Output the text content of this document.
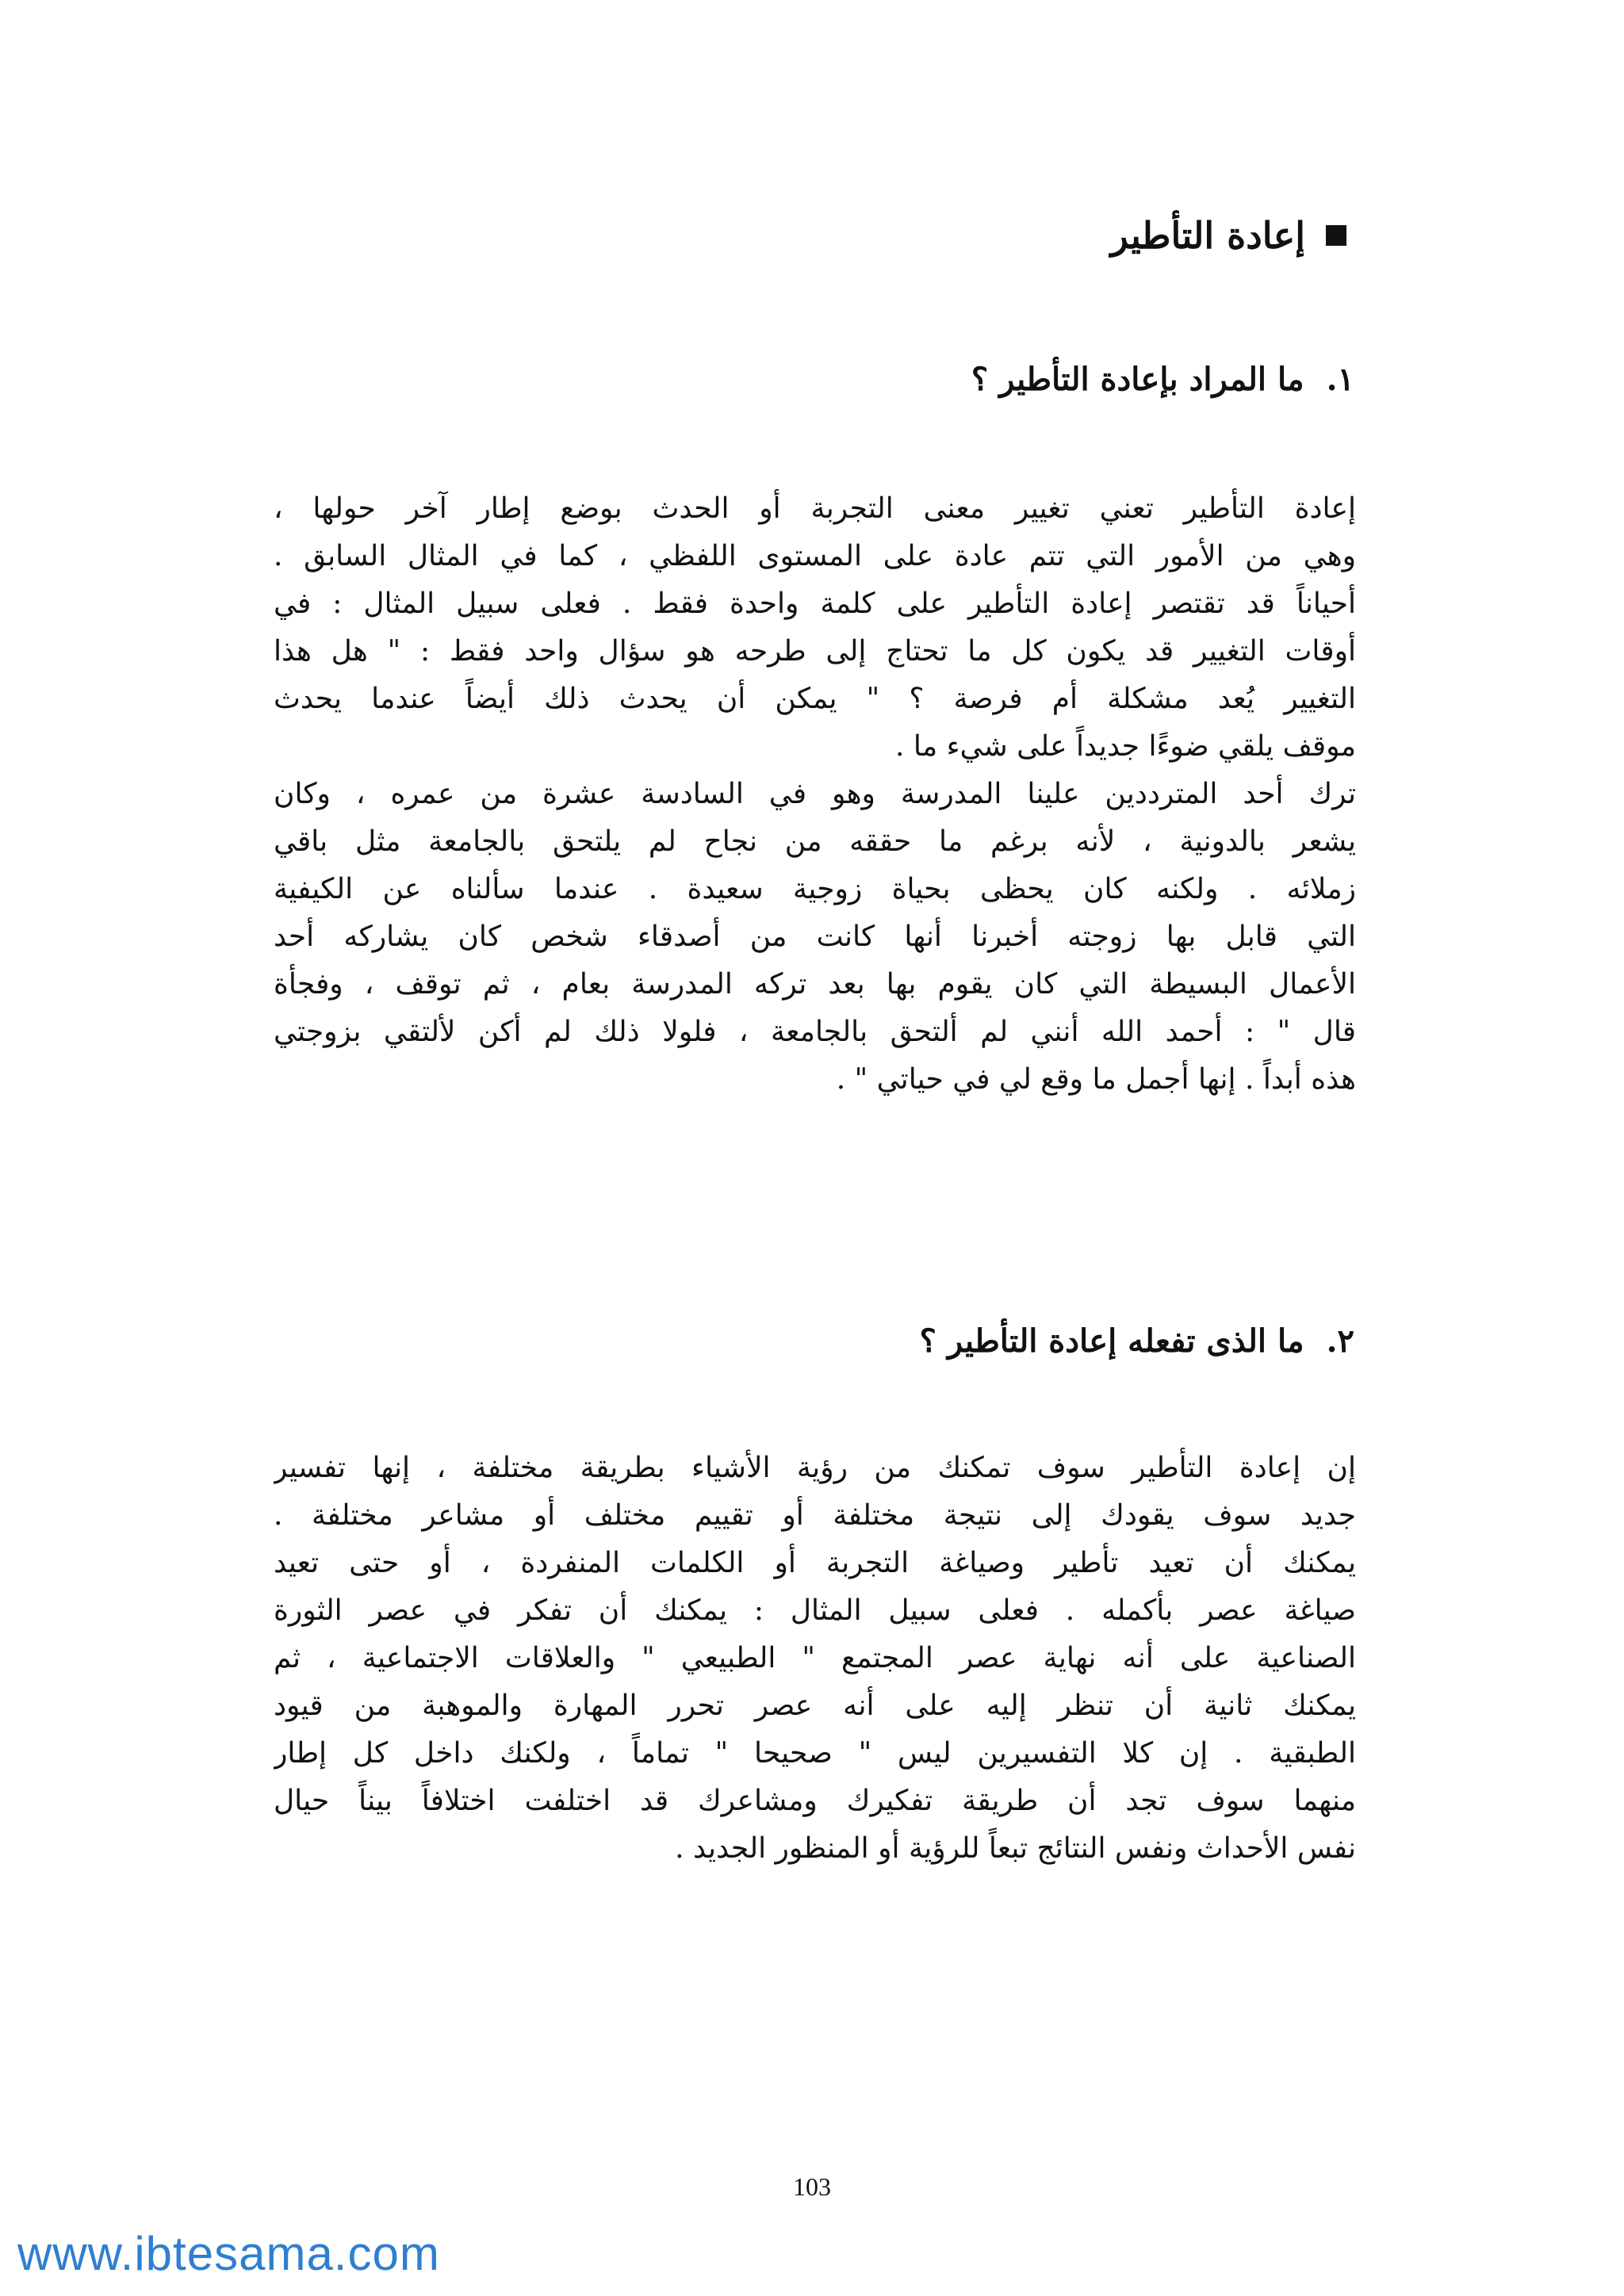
إعادة التأطير
١.ما المراد بإعادة التأطير ؟
إعادة التأطير تعني تغيير معنى التجربة أو الحدث بوضع إطار آخر حولها ،
وهي من الأمور التي تتم عادة على المستوى اللفظي ، كما في المثال السابق .
أحياناً قد تقتصر إعادة التأطير على كلمة واحدة فقط . فعلى سبيل المثال : في
أوقات التغيير قد يكون كل ما تحتاج إلى طرحه هو سؤال واحد فقط : " هل هذا
التغيير يُعد مشكلة أم فرصة ؟ " يمكن أن يحدث ذلك أيضاً عندما يحدث
موقف يلقي ضوءًا جديداً على شيء ما .
ترك أحد المترددين علينا المدرسة وهو في السادسة عشرة من عمره ، وكان
يشعر بالدونية ، لأنه برغم ما حققه من نجاح لم يلتحق بالجامعة مثل باقي
زملائه . ولكنه كان يحظى بحياة زوجية سعيدة . عندما سألناه عن الكيفية
التي قابل بها زوجته أخبرنا أنها كانت من أصدقاء شخص كان يشاركه أحد
الأعمال البسيطة التي كان يقوم بها بعد تركه المدرسة بعام ، ثم توقف ، وفجأة
قال " : أحمد الله أنني لم ألتحق بالجامعة ، فلولا ذلك لم أكن لألتقي بزوجتي
هذه أبداً . إنها أجمل ما وقع لي في حياتي " .
٢.ما الذى تفعله إعادة التأطير ؟
إن إعادة التأطير سوف تمكنك من رؤية الأشياء بطريقة مختلفة ، إنها تفسير
جديد سوف يقودك إلى نتيجة مختلفة أو تقييم مختلف أو مشاعر مختلفة .
يمكنك أن تعيد تأطير وصياغة التجربة أو الكلمات المنفردة ، أو حتى تعيد
صياغة عصر بأكمله . فعلى سبيل المثال : يمكنك أن تفكر في عصر الثورة
الصناعية على أنه نهاية عصر المجتمع " الطبيعي " والعلاقات الاجتماعية ، ثم
يمكنك ثانية أن تنظر إليه على أنه عصر تحرر المهارة والموهبة من قيود
الطبقية . إن كلا التفسيرين ليس " صحيحا " تماماً ، ولكنك داخل كل إطار
منهما سوف تجد أن طريقة تفكيرك ومشاعرك قد اختلفت اختلافاً بيناً حيال
نفس الأحداث ونفس النتائج تبعاً للرؤية أو المنظور الجديد .
103
www.ibtesama.com
